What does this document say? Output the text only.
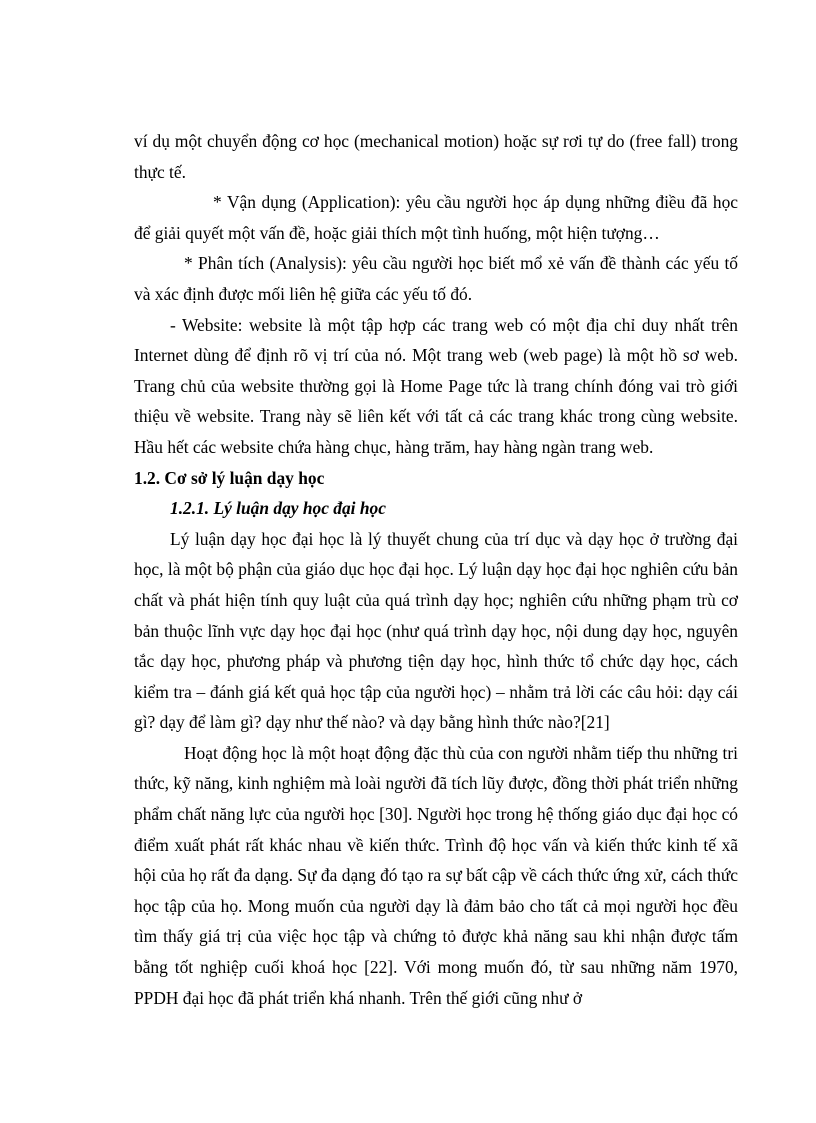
ví dụ một chuyển động cơ học (mechanical motion) hoặc sự rơi tự do (free fall) trong thực tế.

* Vận dụng (Application): yêu cầu người học áp dụng những điều đã học để giải quyết một vấn đề, hoặc giải thích một tình huống, một hiện tượng…

* Phân tích (Analysis): yêu cầu người học biết mổ xẻ vấn đề thành các yếu tố và xác định được mối liên hệ giữa các yếu tố đó.

- Website: website là một tập hợp các trang web có một địa chỉ duy nhất trên Internet dùng để định rõ vị trí của nó. Một trang web (web page) là một hồ sơ web. Trang chủ của website thường gọi là Home Page tức là trang chính đóng vai trò giới thiệu về website. Trang này sẽ liên kết với tất cả các trang khác trong cùng website. Hầu hết các website chứa hàng chục, hàng trăm, hay hàng ngàn trang web.

1.2. Cơ sở lý luận dạy học
1.2.1. Lý luận dạy học đại học

Lý luận dạy học đại học là lý thuyết chung của trí dục và dạy học ở trường đại học, là một bộ phận của giáo dục học đại học. Lý luận dạy học đại học nghiên cứu bản chất và phát hiện tính quy luật của quá trình dạy học; nghiên cứu những phạm trù cơ bản thuộc lĩnh vực dạy học đại học (như quá trình dạy học, nội dung dạy học, nguyên tắc dạy học, phương pháp và phương tiện dạy học, hình thức tổ chức dạy học, cách kiểm tra – đánh giá kết quả học tập của người học) – nhằm trả lời các câu hỏi: dạy cái gì? dạy để làm gì? dạy như thế nào? và dạy bằng hình thức nào?[21]

Hoạt động học là một hoạt động đặc thù của con người nhằm tiếp thu những tri thức, kỹ năng, kinh nghiệm mà loài người đã tích lũy được, đồng thời phát triển những phẩm chất năng lực của người học [30]. Người học trong hệ thống giáo dục đại học có điểm xuất phát rất khác nhau về kiến thức. Trình độ học vấn và kiến thức kinh tế xã hội của họ rất đa dạng. Sự đa dạng đó tạo ra sự bất cập về cách thức ứng xử, cách thức học tập của họ. Mong muốn của người dạy là đảm bảo cho tất cả mọi người học đều tìm thấy giá trị của việc học tập và chứng tỏ được khả năng sau khi nhận được tấm bằng tốt nghiệp cuối khoá học [22]. Với mong muốn đó, từ sau những năm 1970, PPDH đại học đã phát triển khá nhanh. Trên thế giới cũng như ở
